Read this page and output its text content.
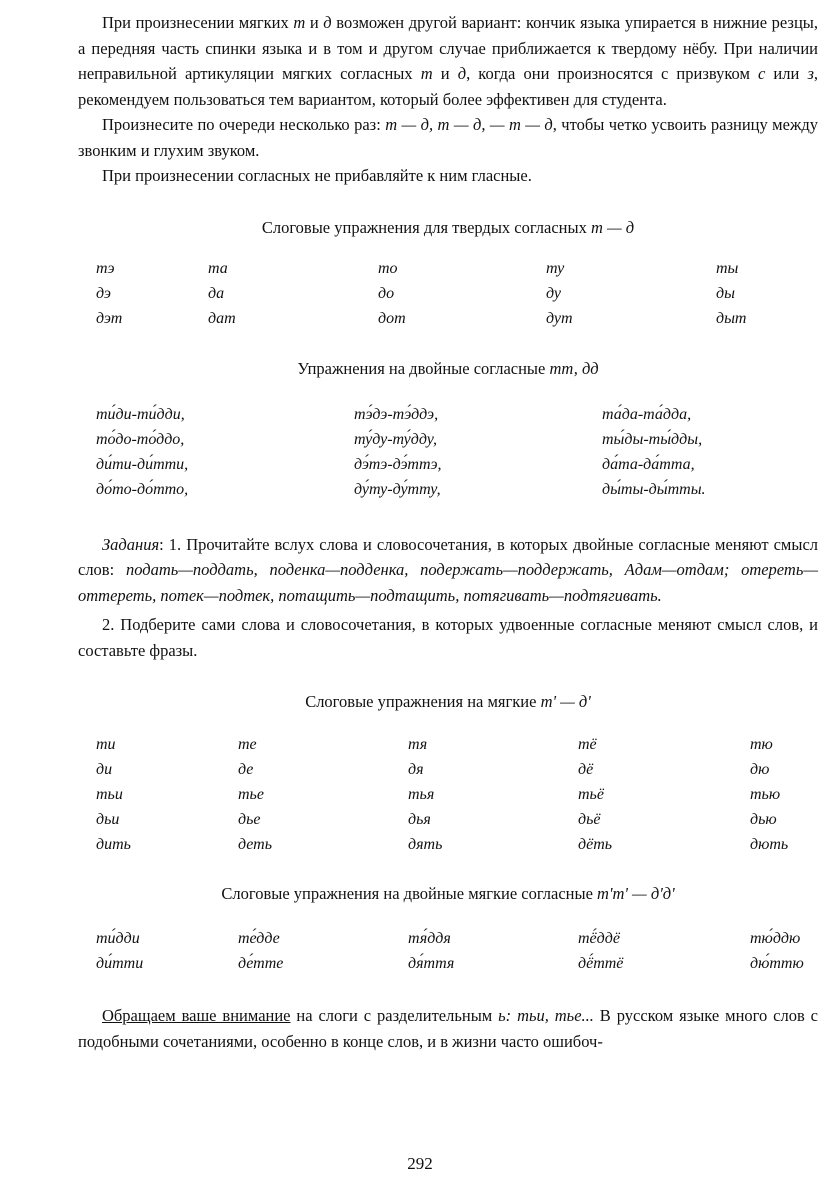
При произнесении мягких т и д возможен другой вариант: кончик языка упирается в нижние резцы, а передняя часть спинки языка и в том и другом случае приближается к твердому нёбу. При наличии неправильной артикуляции мягких согласных т и д, когда они произносятся с призвуком с или з, рекомендуем пользоваться тем вариантом, который более эффективен для студента.

Произнесите по очереди несколько раз: т — д, т — д, — т — д, чтобы четко усвоить разницу между звонким и глухим звуком.

При произнесении согласных не прибавляйте к ним гласные.

Слоговые упражнения для твердых согласных т — д

тэ	та	то	ту	ты
дэ	да	до	ду	ды
дэт	дат	дот	дут	дыт

Упражнения на двойные согласные тт, дд

ти́ди-ти́дди,	тэ́дэ-тэ́ддэ,	та́да-та́дда,
то́до-то́ддо,	ту́ду-ту́дду,	ты́ды-ты́дды,
ди́ти-ди́тти,	дэ́тэ-дэ́ттэ,	да́та-да́тта,
до́то-до́тто,	ду́ту-ду́тту,	ды́ты-ды́тты.

Задания: 1. Прочитайте вслух слова и словосочетания, в которых двойные согласные меняют смысл слов: подать—поддать, поденка—подденка, подержать—поддержать, Адам—отдам; отереть—оттереть, потек—подтек, потащить—подтащить, потягивать—подтягивать.

2. Подберите сами слова и словосочетания, в которых удвоенные согласные меняют смысл слов, и составьте фразы.

Слоговые упражнения на мягкие т' — д'

ти	те	тя	тё	тю
ди	де	дя	дё	дю
тьи	тье	тья	тьё	тью
дьи	дье	дья	дьё	дью
дить	деть	дять	дёть	дють

Слоговые упражнения на двойные мягкие согласные т'т' — д'д'

ти́дди	те́дде	тя́ддя	тё́ддё	тю́ддю
ди́тти	де́тте	дя́ття	дё́ттё	дю́ттю

Обращаем ваше внимание на слоги с разделительным ь: тьи, тье... В русском языке много слов с подобными сочетаниями, особенно в конце слов, и в жизни часто ошибоч-

292
